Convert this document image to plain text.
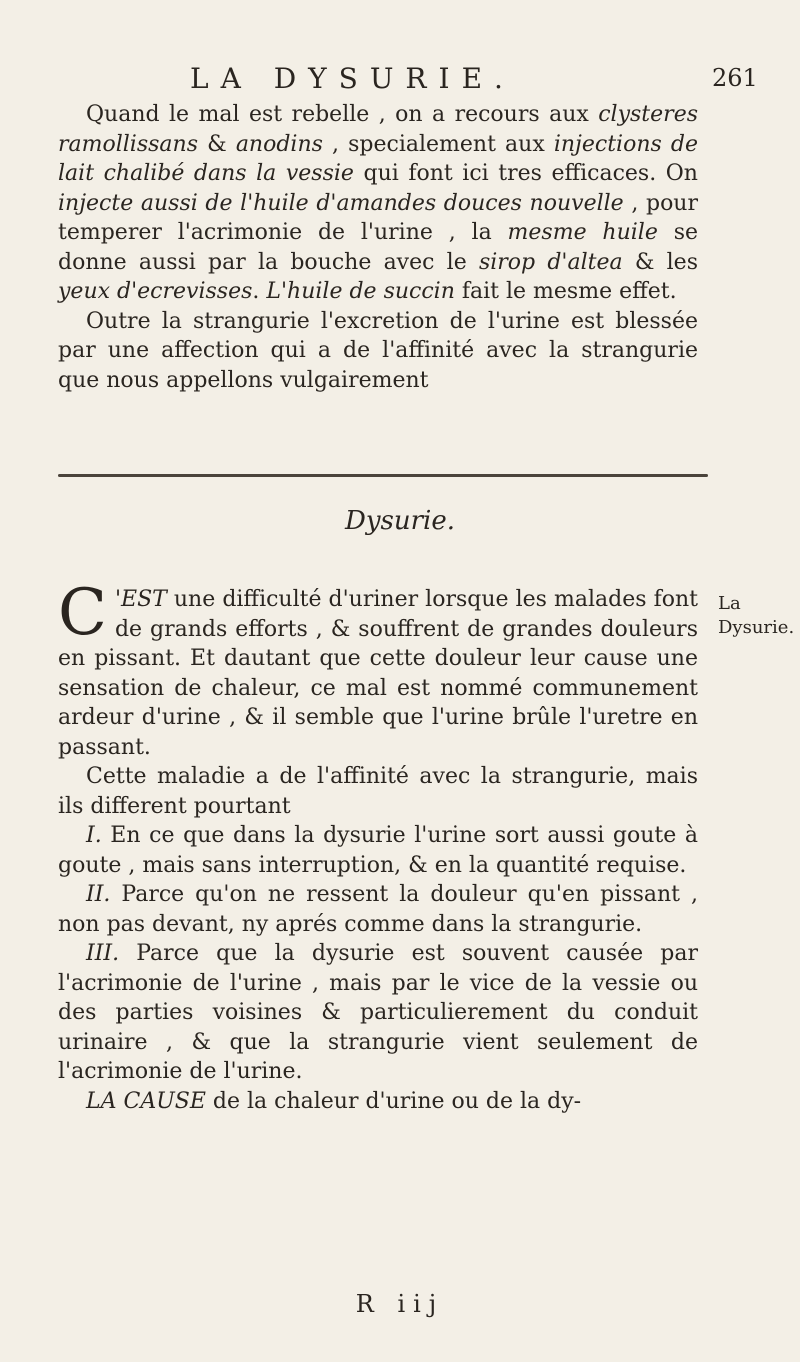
LA DYSURIE.	261

Quand le mal est rebelle , on a recours aux clysteres ramollissans & anodins , specialement aux injections de lait chalibé dans la vessie qui font ici tres efficaces. On injecte aussi de l'huile d'amandes douces nouvelle , pour temperer l'acrimonie de l'urine , la mesme huile se donne aussi par la bouche avec le sirop d'altea & les yeux d'ecrevisses. L'huile de succin fait le mesme effet.

Outre la strangurie l'excretion de l'urine est blessée par une affection qui a de l'affinité avec la strangurie que nous appellons vulgairement

Dysurie.
La Dysurie.

C 'EST une difficulté d'uriner lorsque les malades font de grands efforts , & souffrent de grandes douleurs en pissant. Et dautant que cette douleur leur cause une sensation de chaleur, ce mal est nommé communement ardeur d'urine , & il semble que l'urine brûle l'uretre en passant.

Cette maladie a de l'affinité avec la strangurie, mais ils different pourtant

I. En ce que dans la dysurie l'urine sort aussi goute à goute , mais sans interruption, & en la quantité requise.

II. Parce qu'on ne ressent la douleur qu'en pissant , non pas devant, ny aprés comme dans la strangurie.

III. Parce que la dysurie est souvent causée par l'acrimonie de l'urine , mais par le vice de la vessie ou des parties voisines & particulierement du conduit urinaire , & que la strangurie vient seulement de l'acrimonie de l'urine.

LA CAUSE de la chaleur d'urine ou de la dy-

R iij
